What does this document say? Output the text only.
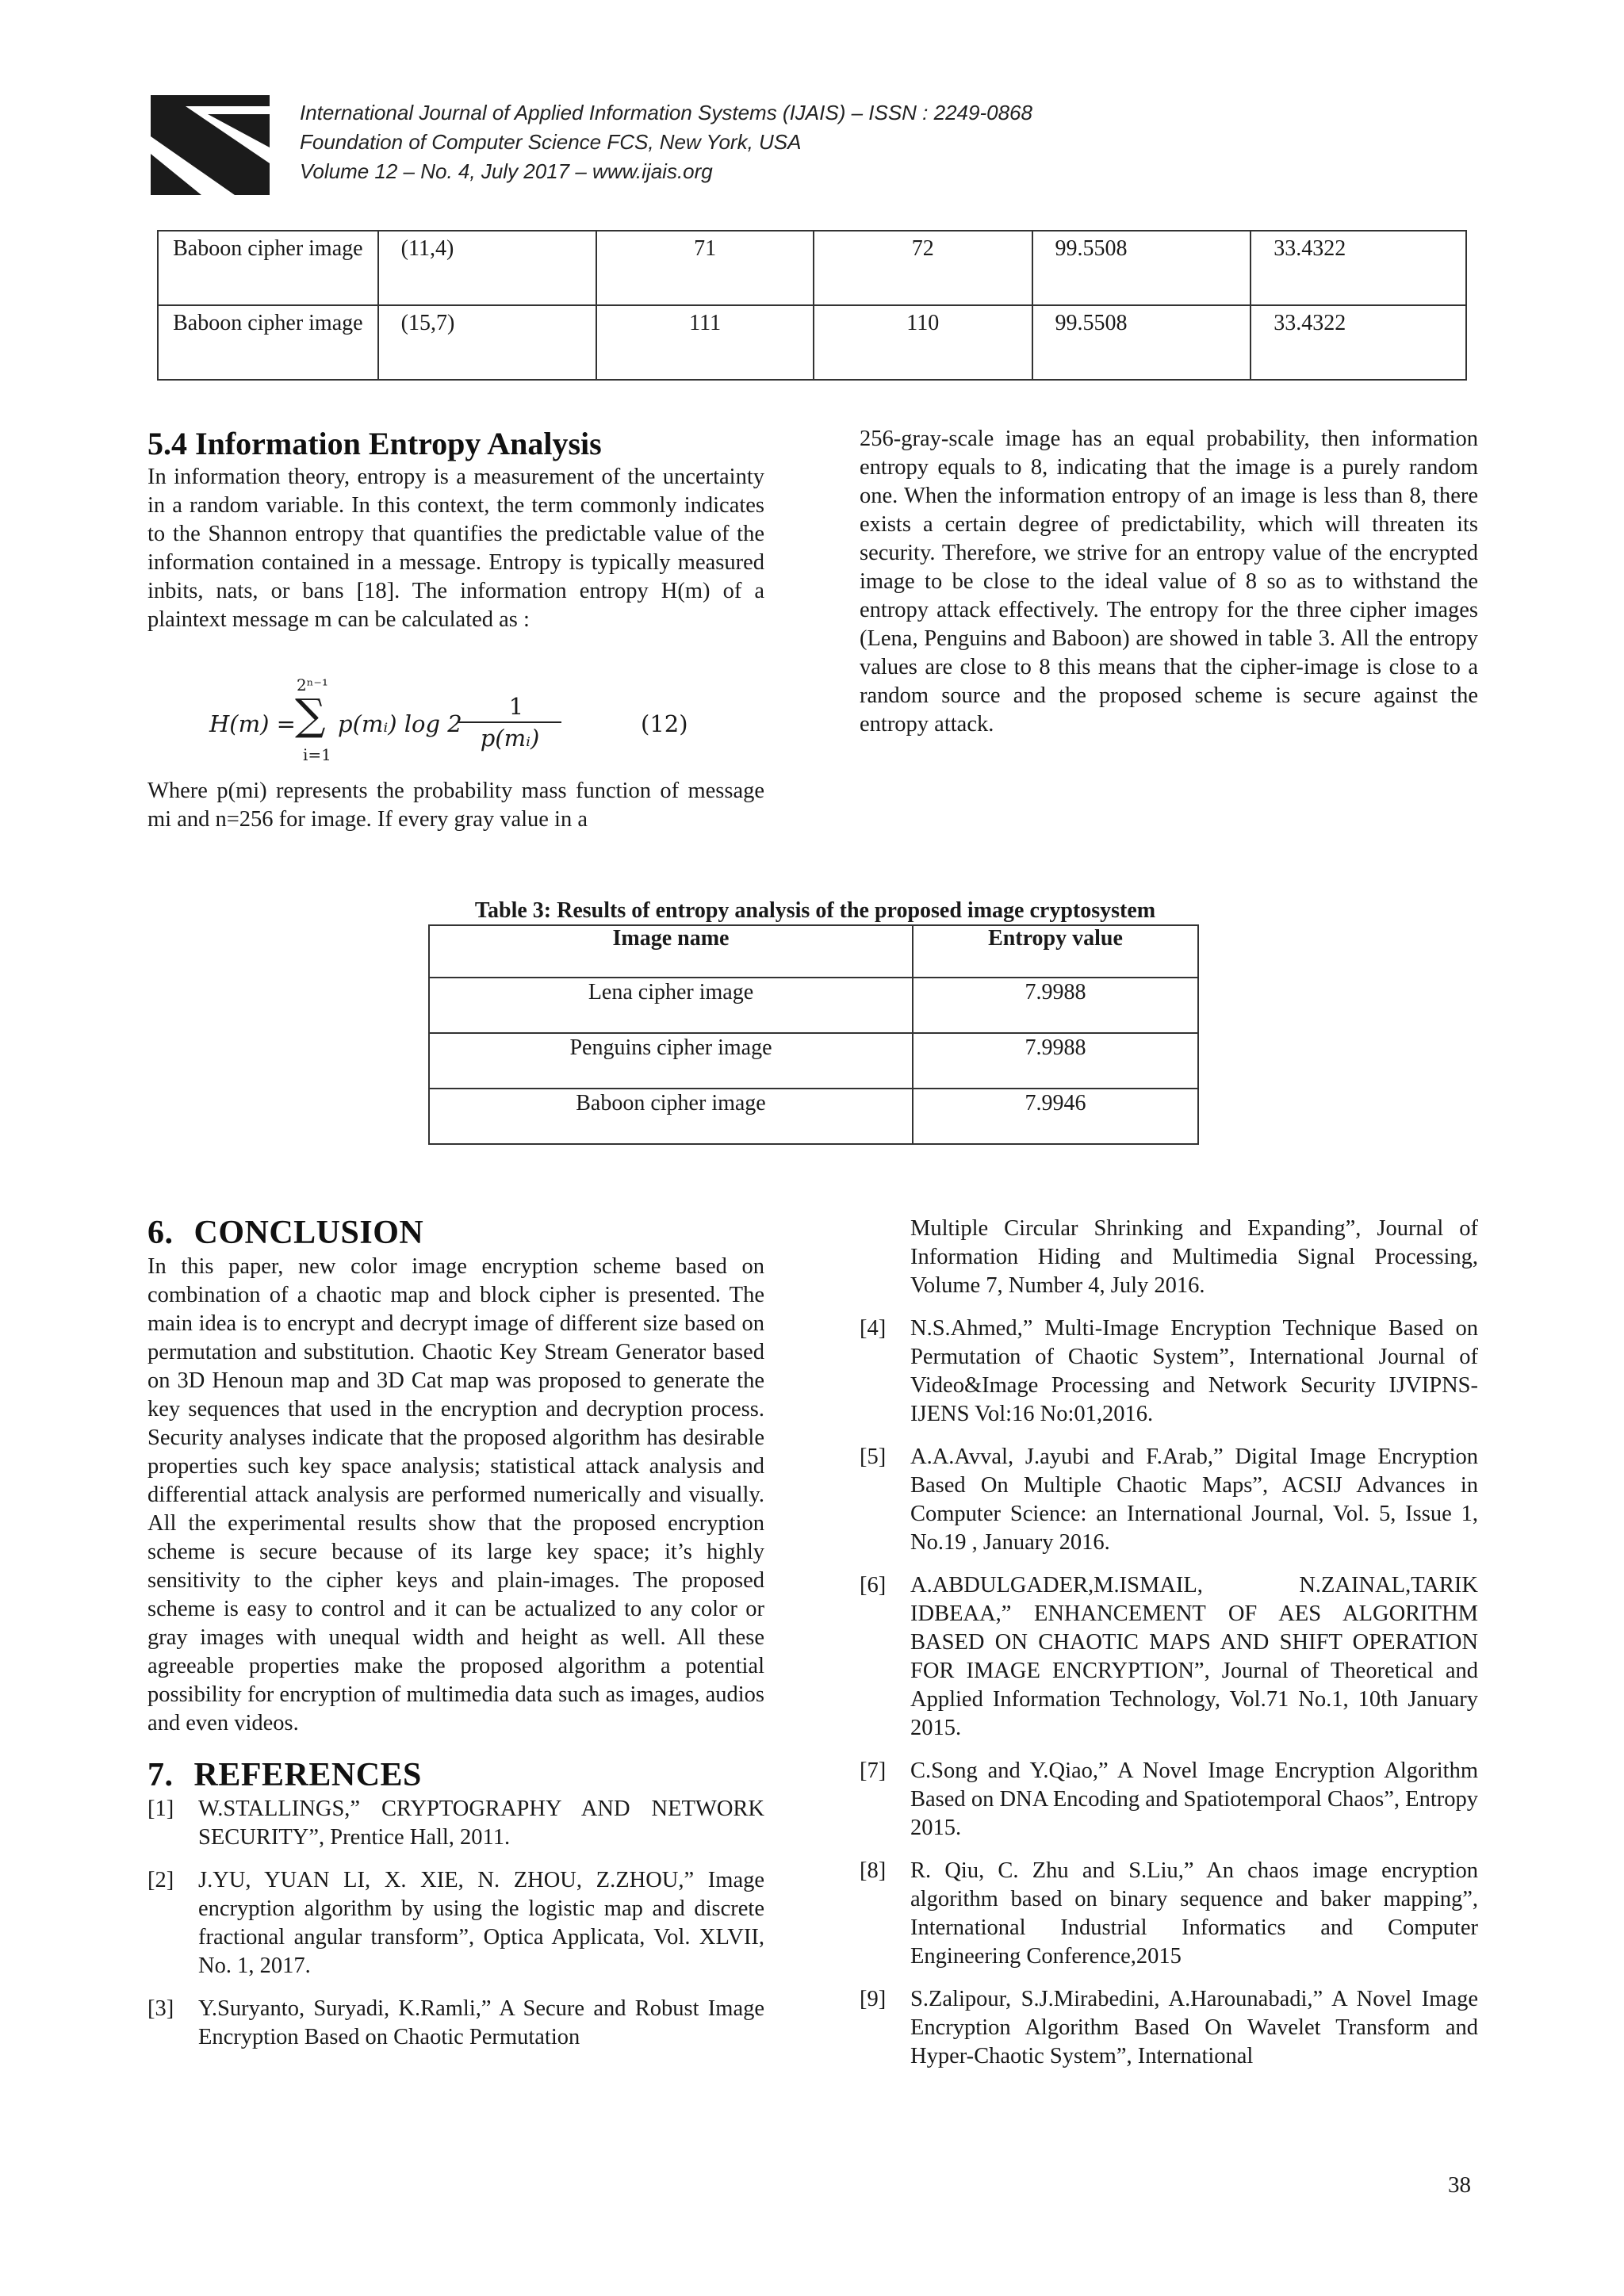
International Journal of Applied Information Systems (IJAIS) – ISSN : 2249-0868
Foundation of Computer Science FCS, New York, USA
Volume 12 – No. 4, July 2017 – www.ijais.org
Baboon cipher image	(11,4)	71	72	99.5508	33.4322
Baboon cipher image	(15,7)	111	110	99.5508	33.4322
5.4 Information Entropy Analysis

In information theory, entropy is a measurement of the uncertainty in a random variable. In this context, the term commonly indicates to the Shannon entropy that quantifies the predictable value of the information contained in a message. Entropy is typically measured inbits, nats, or bans [18]. The information entropy H(m) of a plaintext message m can be calculated as :

H(m) =
2ⁿ⁻¹
∑
i=1
p(mᵢ) log 2
1
p(mᵢ)
(12)

Where p(mi) represents the probability mass function of message mi and n=256 for image. If every gray value in a

256-gray-scale image has an equal probability, then information entropy equals to 8, indicating that the image is a purely random one. When the information entropy of an image is less than 8, there exists a certain degree of predictability, which will threaten its security. Therefore, we strive for an entropy value of the encrypted image to be close to the ideal value of 8 so as to withstand the entropy attack effectively. The entropy for the three cipher images (Lena, Penguins and Baboon) are showed in table 3. All the entropy values are close to 8 this means that the cipher-image is close to a random source and the proposed scheme is secure against the entropy attack.

Table 3: Results of entropy analysis of the proposed image cryptosystem
Image name	Entropy value
Lena cipher image	7.9988
Penguins cipher image	7.9988
Baboon cipher image	7.9946
6. CONCLUSION

In this paper, new color image encryption scheme based on combination of a chaotic map and block cipher is presented. The main idea is to encrypt and decrypt image of different size based on permutation and substitution. Chaotic Key Stream Generator based on 3D Henoun map and 3D Cat map was proposed to generate the key sequences that used in the encryption and decryption process. Security analyses indicate that the proposed algorithm has desirable properties such key space analysis; statistical attack analysis and differential attack analysis are performed numerically and visually. All the experimental results show that the proposed encryption scheme is secure because of its large key space; it’s highly sensitivity to the cipher keys and plain-images. The proposed scheme is easy to control and it can be actualized to any color or gray images with unequal width and height as well. All these agreeable properties make the proposed algorithm a potential possibility for encryption of multimedia data such as images, audios and even videos.

7. REFERENCES
[1]	W.STALLINGS,” CRYPTOGRAPHY AND NETWORK SECURITY”, Prentice Hall, 2011.
[2]	J.YU, YUAN LI, X. XIE, N. ZHOU, Z.ZHOU,” Image encryption algorithm by using the logistic map and discrete fractional angular transform”, Optica Applicata, Vol. XLVII, No. 1, 2017.
[3]	Y.Suryanto, Suryadi, K.Ramli,” A Secure and Robust Image Encryption Based on Chaotic Permutation
Multiple Circular Shrinking and Expanding”, Journal of Information Hiding and Multimedia Signal Processing, Volume 7, Number 4, July 2016.
[4]	N.S.Ahmed,” Multi-Image Encryption Technique Based on Permutation of Chaotic System”, International Journal of Video&Image Processing and Network Security IJVIPNS-IJENS Vol:16 No:01,2016.
[5]	A.A.Avval, J.ayubi and F.Arab,” Digital Image Encryption Based On Multiple Chaotic Maps”, ACSIJ Advances in Computer Science: an International Journal, Vol. 5, Issue 1, No.19 , January 2016.
[6]	A.ABDULGADER,M.ISMAIL, N.ZAINAL,TARIK IDBEAA,” ENHANCEMENT OF AES ALGORITHM BASED ON CHAOTIC MAPS AND SHIFT OPERATION FOR IMAGE ENCRYPTION”, Journal of Theoretical and Applied Information Technology, Vol.71 No.1, 10th January 2015.
[7]	C.Song and Y.Qiao,” A Novel Image Encryption Algorithm Based on DNA Encoding and Spatiotemporal Chaos”, Entropy 2015.
[8]	R. Qiu, C. Zhu and S.Liu,” An chaos image encryption algorithm based on binary sequence and baker mapping”, International Industrial Informatics and Computer Engineering Conference,2015
[9]	S.Zalipour, S.J.Mirabedini, A.Harounabadi,” A Novel Image Encryption Algorithm Based On Wavelet Transform and Hyper-Chaotic System”, International
38
